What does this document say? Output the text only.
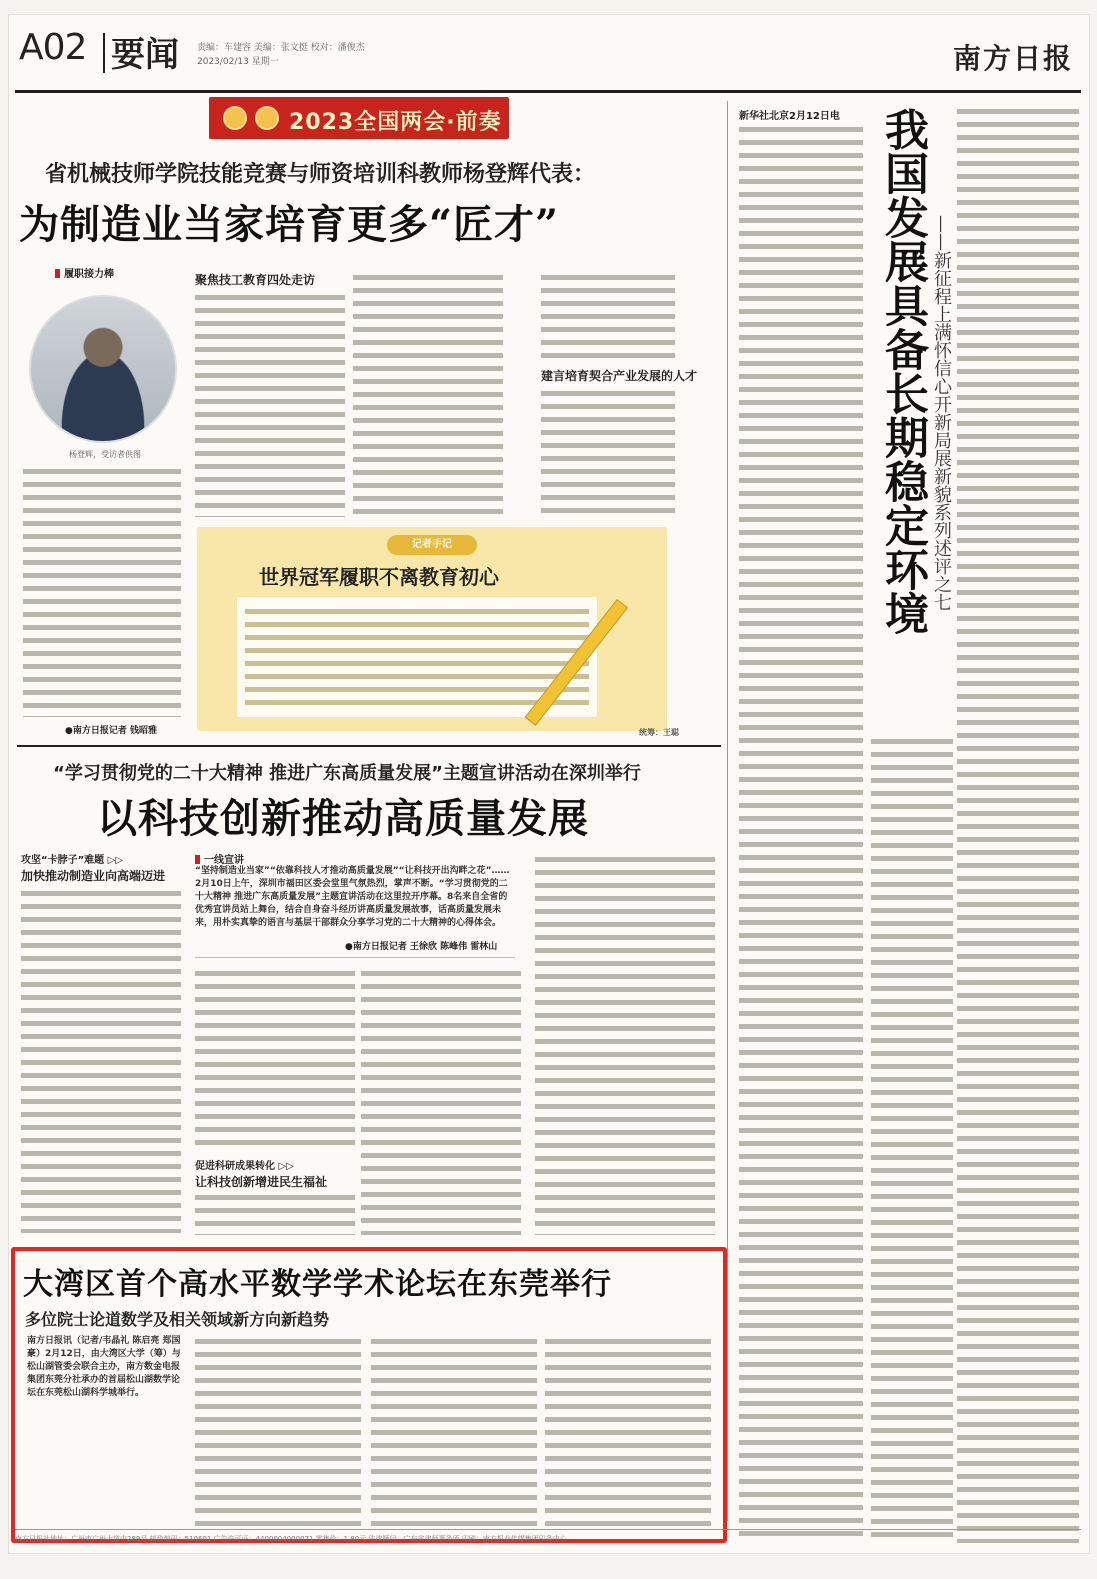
A02 要闻 责编：车建容 美编：张文挺 校对：潘俊杰
2023/02/13 星期一	南方日报
2023全国两会·前奏
省机械技师学院技能竞赛与师资培训科教师杨登辉代表：
为制造业当家培育更多“匠才”
履职接力棒
杨登辉，受访者供图
●南方日报记者 钱昭雅
聚焦技工教育四处走访
建言培育契合产业发展的人才
记者手记
世界冠军履职不离教育初心
统筹：王聪
“学习贯彻党的二十大精神 推进广东高质量发展”主题宣讲活动在深圳举行
以科技创新推动高质量发展
攻坚“卡脖子”难题 ▷▷
加快推动制造业向高端迈进
一线宣讲
“坚持制造业当家”“依靠科技人才推动高质量发展”“让科技开出沟畔之花”……2月10日上午，深圳市福田区委会堂里气氛热烈，掌声不断。“学习贯彻党的二十大精神 推进广东高质量发展”主题宣讲活动在这里拉开序幕。8名来自全省的优秀宣讲员站上舞台，结合自身奋斗经历讲高质量发展故事，话高质量发展未来，用朴实真挚的语言与基层干部群众分享学习党的二十大精神的心得体会。
●南方日报记者 王徐欣 陈峰伟 雷林山
促进科研成果转化 ▷▷
让科技创新增进民生福祉
大湾区首个高水平数学学术论坛在东莞举行
多位院士论道数学及相关领域新方向新趋势
南方日报讯（记者/韦晶礼 陈启亮 郑国豪）2月12日，由大湾区大学（筹）与松山湖管委会联合主办，南方数金电报集团东莞分社承办的首届松山湖数学论坛在东莞松山湖科学城举行。
新华社北京2月12日电 我国发展具备长期稳定环境 ——新征程上满怀信心开新局展新貌系列述评之七
南方日报社地址：广州市广州大道中289号 邮政编码：510601 广告许可证：4400004000071 零售价：1.80元 法律顾问：广东省律师事务所 印刷：南方报业传媒集团印务中心
